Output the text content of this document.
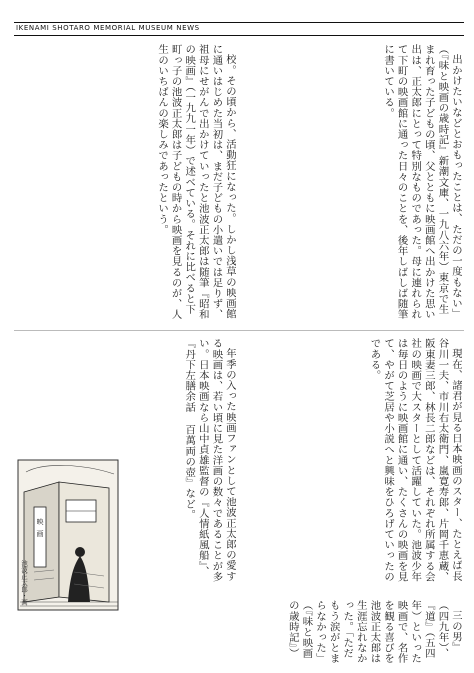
IKENAMI SHOTARO MEMORIAL MUSEUM NEWS

出かけたいなどとおもったことは、ただの一度もない」（『味と映画の歳時記』新潮文庫、一九八六年）東京で生まれ育った子どもの頃、父とともに映画館へ出かけた思い出は、正太郎にとって特別なものであった。母に連れられて下町の映画館に通った日々のことを、後年しばしば随筆に書いている。

校。その頃から、活動狂になった。しかし浅草の映画館に通いはじめた当初は、まだ子どもの小遣いでは足りず、祖母にせがんで出かけていったと池波正太郎は随筆『昭和の映画』（一九九一年）で述べている。それに比べると下町っ子の池波正太郎は子どもの時から映画を見るのが、人生のいちばんの楽しみであったという。

現在、諸君が見る日本映画のスター、たとえば長谷川一夫、市川右太衛門、嵐寛寿郎、片岡千恵蔵、阪東妻三郎、林長二郎などは、それぞれ所属する会社の映画で大スターとして活躍していた。池波少年は毎日のように映画館に通い、たくさんの映画を見て、やがて芝居や小説へと興味をひろげていったのである。

年季の入った映画ファンとして池波正太郎の愛する映画は、若い頃に見た洋画の数々であることが多い。日本映画なら山中貞雄監督の『人情紙風船』、『丹下左膳余話 百萬両の壺』など。

三の男』（四九年）、『道』（五四年）といった映画で、名作を観る喜びを池波正太郎は生涯忘れなかった。「ただもう涙がとまらなかった」（『味と映画の歳時記』）

映
画
池波正太郎・画
